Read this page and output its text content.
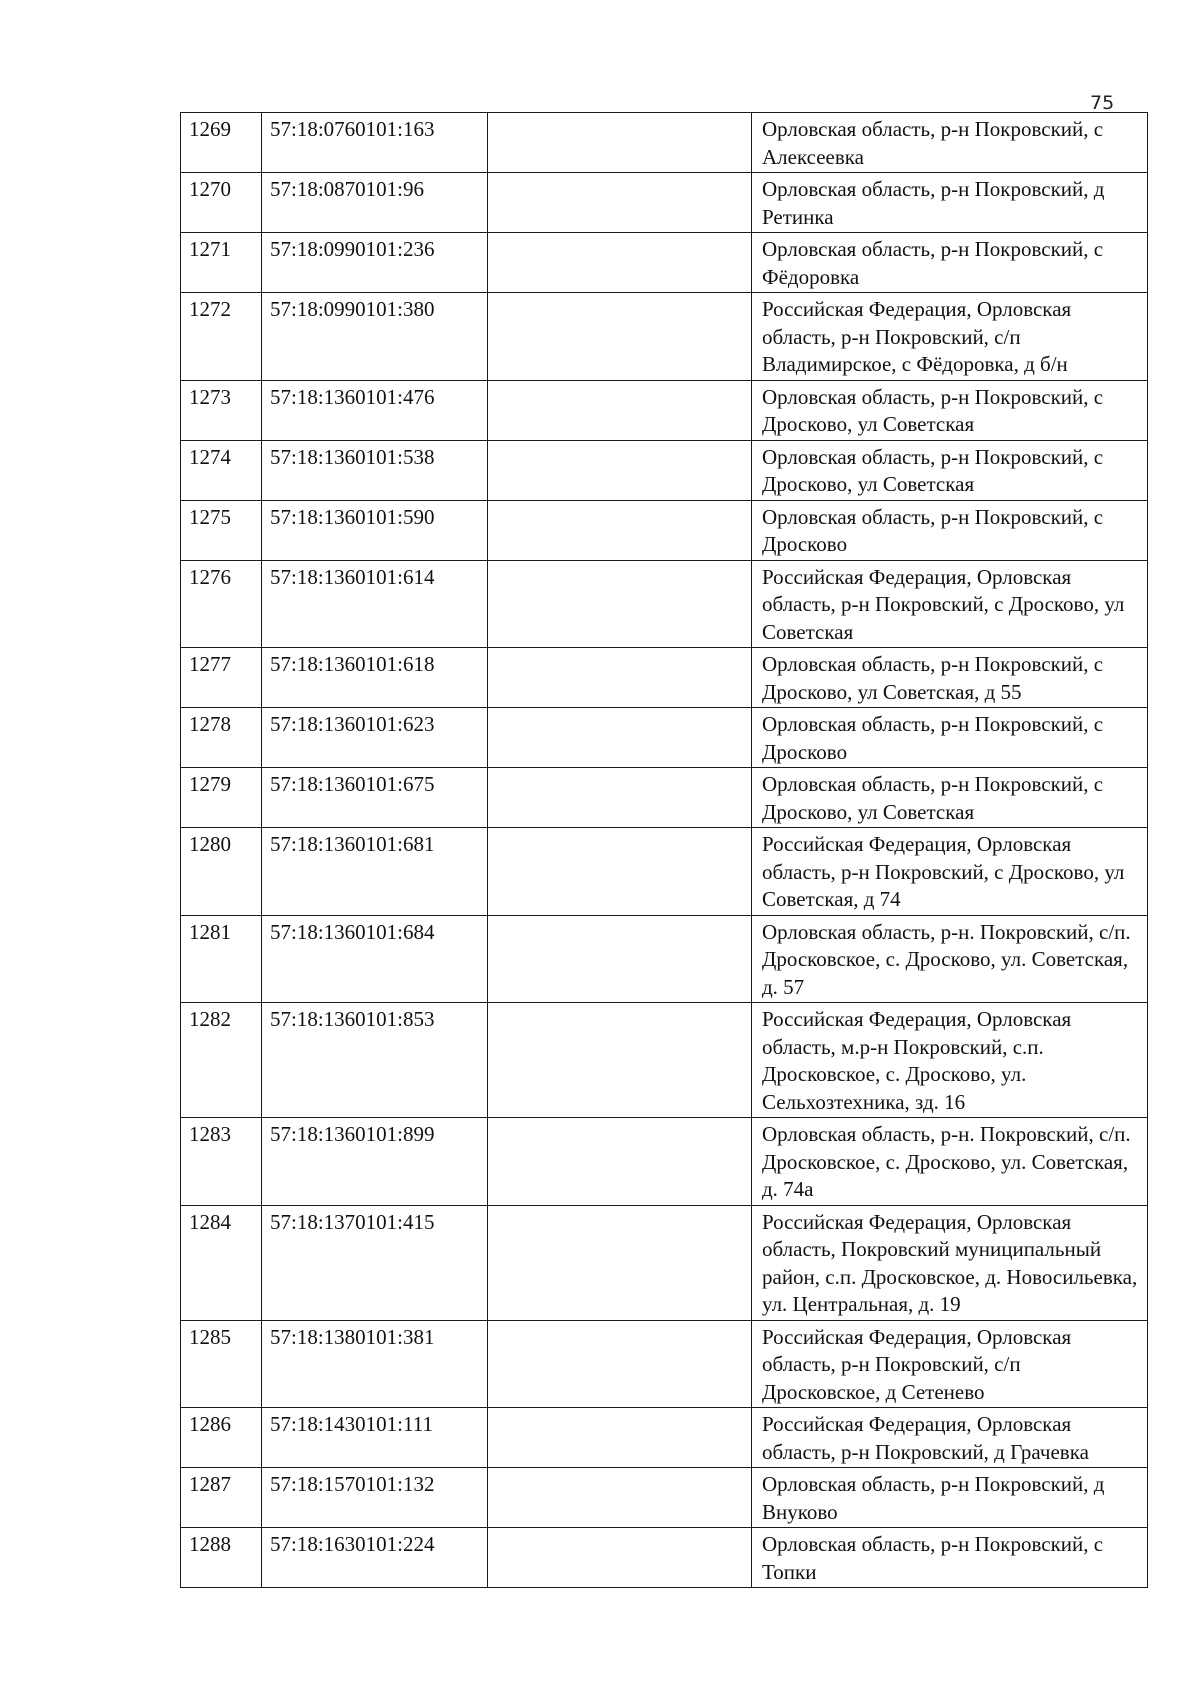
75
1269	57:18:0760101:163		Орловская область, р-н Покровский, с Алексеевка
1270	57:18:0870101:96		Орловская область, р-н Покровский, д Ретинка
1271	57:18:0990101:236		Орловская область, р-н Покровский, с Фёдоровка
1272	57:18:0990101:380		Российская Федерация, Орловская область, р-н Покровский, с/п Владимирское, с Фёдоровка, д б/н
1273	57:18:1360101:476		Орловская область, р-н Покровский, с Дросково, ул Советская
1274	57:18:1360101:538		Орловская область, р-н Покровский, с Дросково, ул Советская
1275	57:18:1360101:590		Орловская область, р-н Покровский, с Дросково
1276	57:18:1360101:614		Российская Федерация, Орловская область, р-н Покровский, с Дросково, ул Советская
1277	57:18:1360101:618		Орловская область, р-н Покровский, с Дросково, ул Советская, д 55
1278	57:18:1360101:623		Орловская область, р-н Покровский, с Дросково
1279	57:18:1360101:675		Орловская область, р-н Покровский, с Дросково, ул Советская
1280	57:18:1360101:681		Российская Федерация, Орловская область, р-н Покровский, с Дросково, ул Советская, д 74
1281	57:18:1360101:684		Орловская область, р-н. Покровский, с/п. Дросковское, с. Дросково, ул. Советская, д. 57
1282	57:18:1360101:853		Российская Федерация, Орловская область, м.р-н Покровский, с.п. Дросковское, с. Дросково, ул. Сельхозтехника, зд. 16
1283	57:18:1360101:899		Орловская область, р-н. Покровский, с/п. Дросковское, с. Дросково, ул. Советская, д. 74а
1284	57:18:1370101:415		Российская Федерация, Орловская область, Покровский муниципальный район, с.п. Дросковское, д. Новосильевка, ул. Центральная, д. 19
1285	57:18:1380101:381		Российская Федерация, Орловская область, р-н Покровский, с/п Дросковское, д Сетенево
1286	57:18:1430101:111		Российская Федерация, Орловская область, р-н Покровский, д Грачевка
1287	57:18:1570101:132		Орловская область, р-н Покровский, д Внуково
1288	57:18:1630101:224		Орловская область, р-н Покровский, с Топки
